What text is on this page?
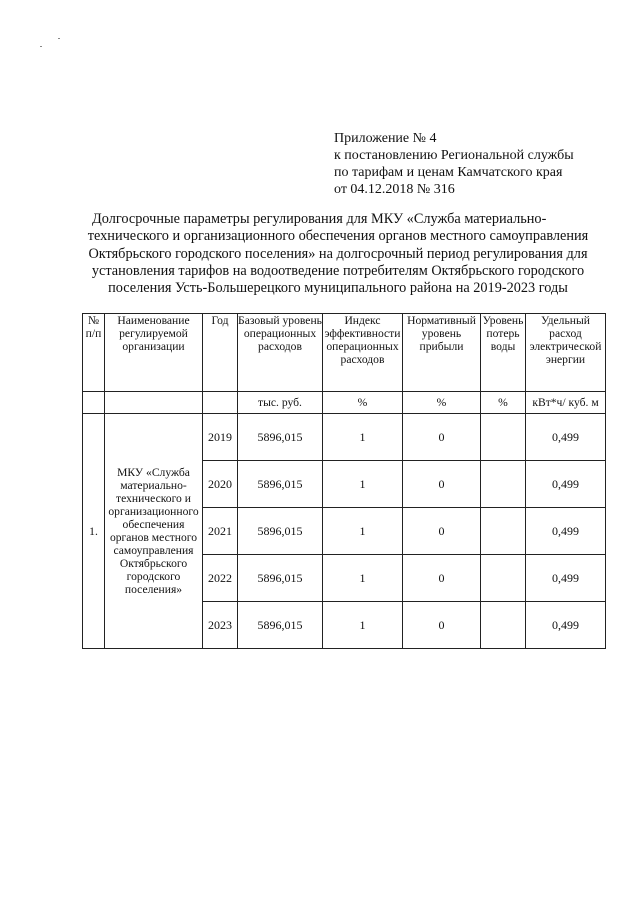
Приложение № 4
к постановлению Региональной службы
по тарифам и ценам Камчатского края
от 04.12.2018 № 316
Долгосрочные параметры регулирования для МКУ «Служба материально-
технического и организационного обеспечения органов местного самоуправления
Октябрьского городского поселения» на долгосрочный период регулирования для
установления тарифов на водоотведение потребителям Октябрьского городского
поселения Усть-Большерецкого муниципального района на 2019-2023 годы
№ п/п	Наименование регулируемой организации	Год	Базовый уровень операционных расходов	Индекс эффективности операционных расходов	Нормативный уровень прибыли	Уровень потерь воды	Удельный расход электрической энергии
			тыс. руб.	%	%	%	кВт*ч/ куб. м
1.	МКУ «Служба материально-технического и организационного обеспечения органов местного самоуправления Октябрьского городского поселения»	2019	5896,015	1	0		0,499
		2020	5896,015	1	0		0,499
		2021	5896,015	1	0		0,499
		2022	5896,015	1	0		0,499
		2023	5896,015	1	0		0,499
